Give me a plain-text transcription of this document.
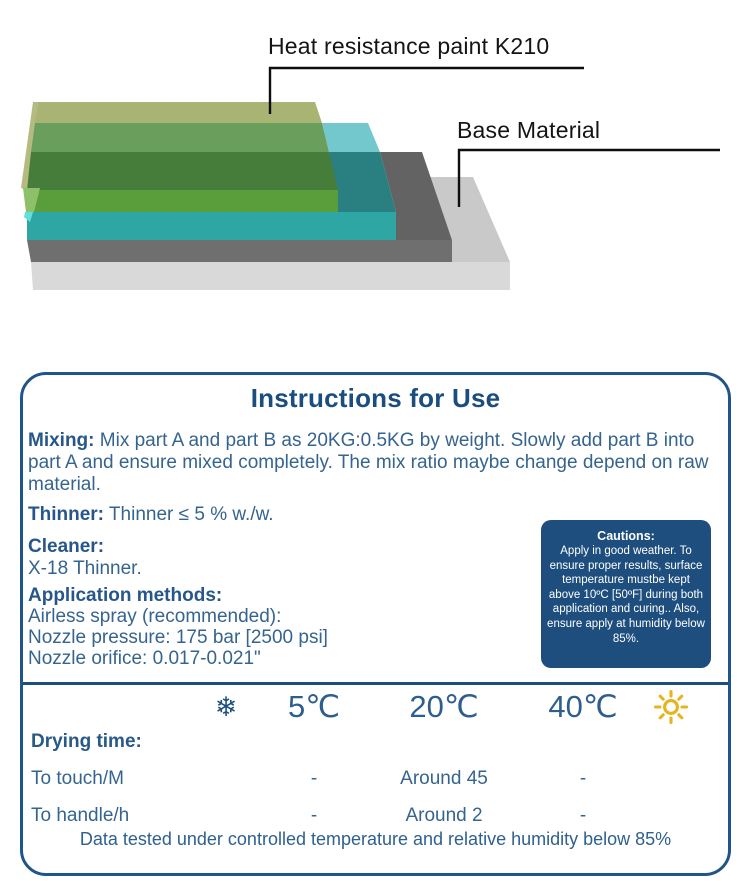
Heat resistance paint K210
Base Material
Instructions for Use
Mixing: Mix part A and part B as 20KG:0.5KG by weight. Slowly add part B into part A and ensure mixed completely. The mix ratio maybe change depend on raw material.
Thinner: Thinner ≤ 5 % w./w.
Cleaner:
X-18 Thinner.
Application methods:
Airless spray (recommended):
Nozzle pressure: 175 bar [2500 psi]
Nozzle orifice: 0.017-0.021"
Cautions:
Apply in good weather. To ensure proper results, surface temperature mustbe kept above 10ºC [50ºF] during both application and curing.. Also, ensure apply at humidity below 85%.
❄ 5℃ 20℃ 40℃
Drying time:
To touch/M	-	Around 45	-
To handle/h	-	Around 2	-
Data tested under controlled temperature and relative humidity below 85%
